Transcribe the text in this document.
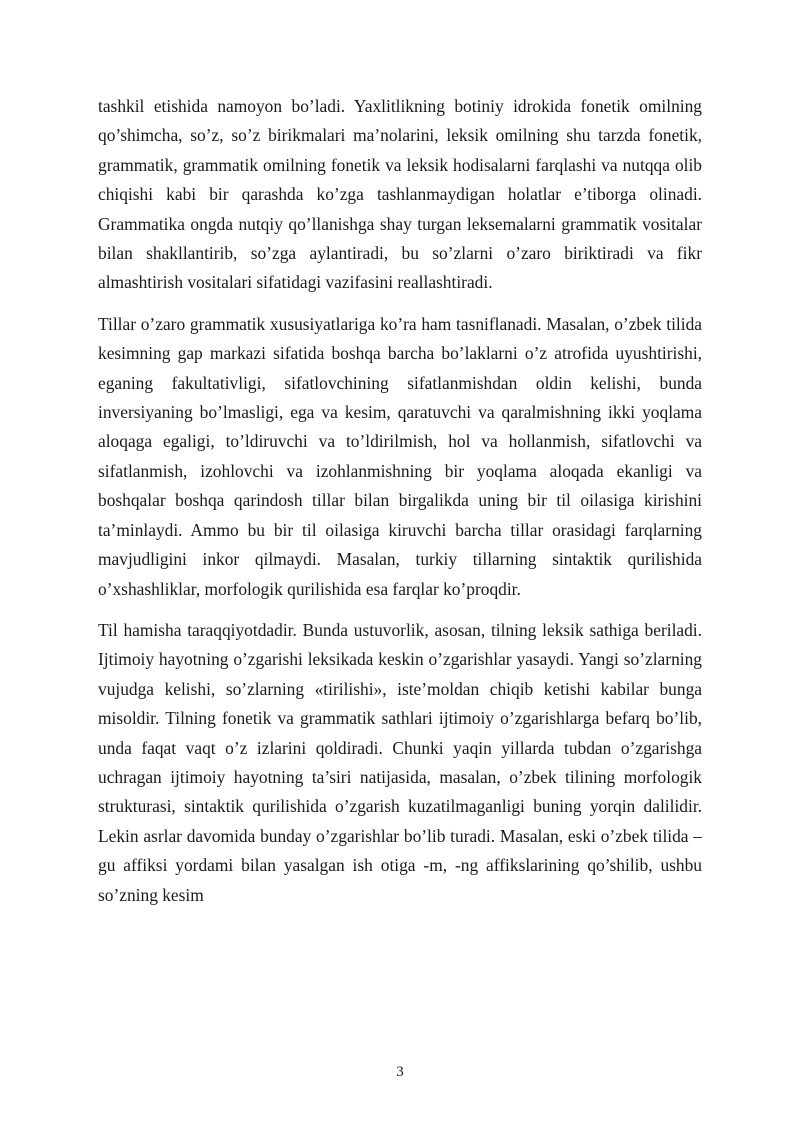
tashkil etishida namoyon bo’ladi. Yaxlitlikning botiniy idrokida fonetik omilning qo’shimcha, so’z, so’z birikmalari ma’nolarini, leksik omilning shu tarzda fonetik, grammatik, grammatik omilning fonetik va leksik hodisalarni farqlashi va nutqqa olib chiqishi kabi bir qarashda ko’zga tashlanmaydigan holatlar e’tiborga olinadi. Grammatika ongda nutqiy qo’llanishga shay turgan leksemalarni grammatik vositalar bilan shakllantirib, so’zga aylantiradi, bu so’zlarni o’zaro biriktiradi va fikr almashtirish vositalari sifatidagi vazifasini reallashtiradi.

Tillar o’zaro grammatik xususiyatlariga ko’ra ham tasniflanadi. Masalan, o’zbek tilida kesimning gap markazi sifatida boshqa barcha bo’laklarni o’z atrofida uyushtirishi, eganing fakultativligi, sifatlovchining sifatlanmishdan oldin kelishi, bunda inversiyaning bo’lmasligi, ega va kesim, qaratuvchi va qaralmishning ikki yoqlama aloqaga egaligi, to’ldiruvchi va to’ldirilmish, hol va hollanmish, sifatlovchi va sifatlanmish, izohlovchi va izohlanmishning bir yoqlama aloqada ekanligi va boshqalar boshqa qarindosh tillar bilan birgalikda uning bir til oilasiga kirishini ta’minlaydi. Ammo bu bir til oilasiga kiruvchi barcha tillar orasidagi farqlarning mavjudligini inkor qilmaydi. Masalan, turkiy tillarning sintaktik qurilishida o’xshashliklar, morfologik qurilishida esa farqlar ko’proqdir.

Til hamisha taraqqiyotdadir. Bunda ustuvorlik, asosan, tilning leksik sathiga beriladi. Ijtimoiy hayotning o’zgarishi leksikada keskin o’zgarishlar yasaydi. Yangi so’zlarning vujudga kelishi, so’zlarning «tirilishi», iste’moldan chiqib ketishi kabilar bunga misoldir. Tilning fonetik va grammatik sathlari ijtimoiy o’zgarishlarga befarq bo’lib, unda faqat vaqt o’z izlarini qoldiradi. Chunki yaqin yillarda tubdan o’zgarishga uchragan ijtimoiy hayotning ta’siri natijasida, masalan, o’zbek tilining morfologik strukturasi, sintaktik qurilishida o’zgarish kuzatilmaganligi buning yorqin dalilidir. Lekin asrlar davomida bunday o’zgarishlar bo’lib turadi. Masalan, eski o’zbek tilida –gu affiksi yordami bilan yasalgan ish otiga -m, -ng affikslarining qo’shilib, ushbu so’zning kesim

3
